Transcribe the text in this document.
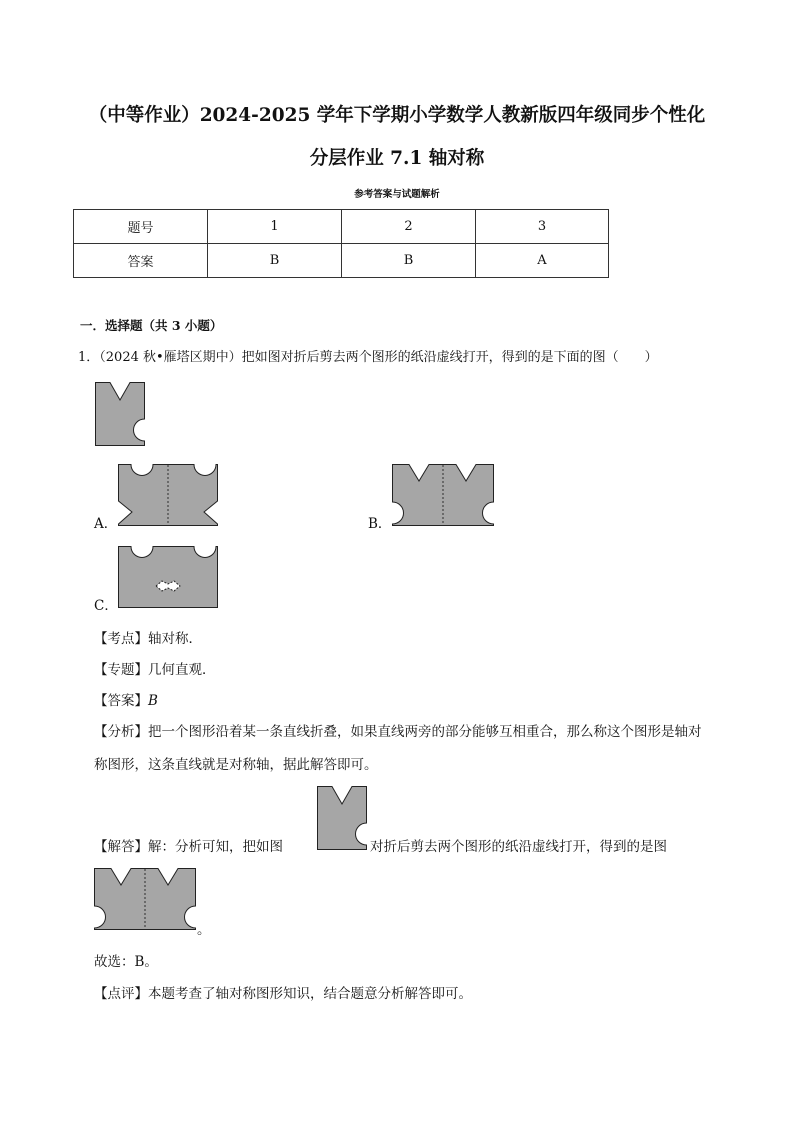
（中等作业）2024-2025 学年下学期小学数学人教新版四年级同步个性化
分层作业 7.1 轴对称
参考答案与试题解析
题号	1	2	3
答案	B	B	A
一．选择题（共 3 小题）
1．（2024 秋•雁塔区期中）把如图对折后剪去两个图形的纸沿虚线打开，得到的是下面的图（　　）
A．	B．
C．
【考点】轴对称．
【专题】几何直观．
【答案】B
【分析】把一个图形沿着某一条直线折叠，如果直线两旁的部分能够互相重合，那么称这个图形是轴对
称图形，这条直线就是对称轴，据此解答即可。
【解答】解：分析可知，把如图	对折后剪去两个图形的纸沿虚线打开，得到的是图
。
故选：B。
【点评】本题考查了轴对称图形知识，结合题意分析解答即可。
